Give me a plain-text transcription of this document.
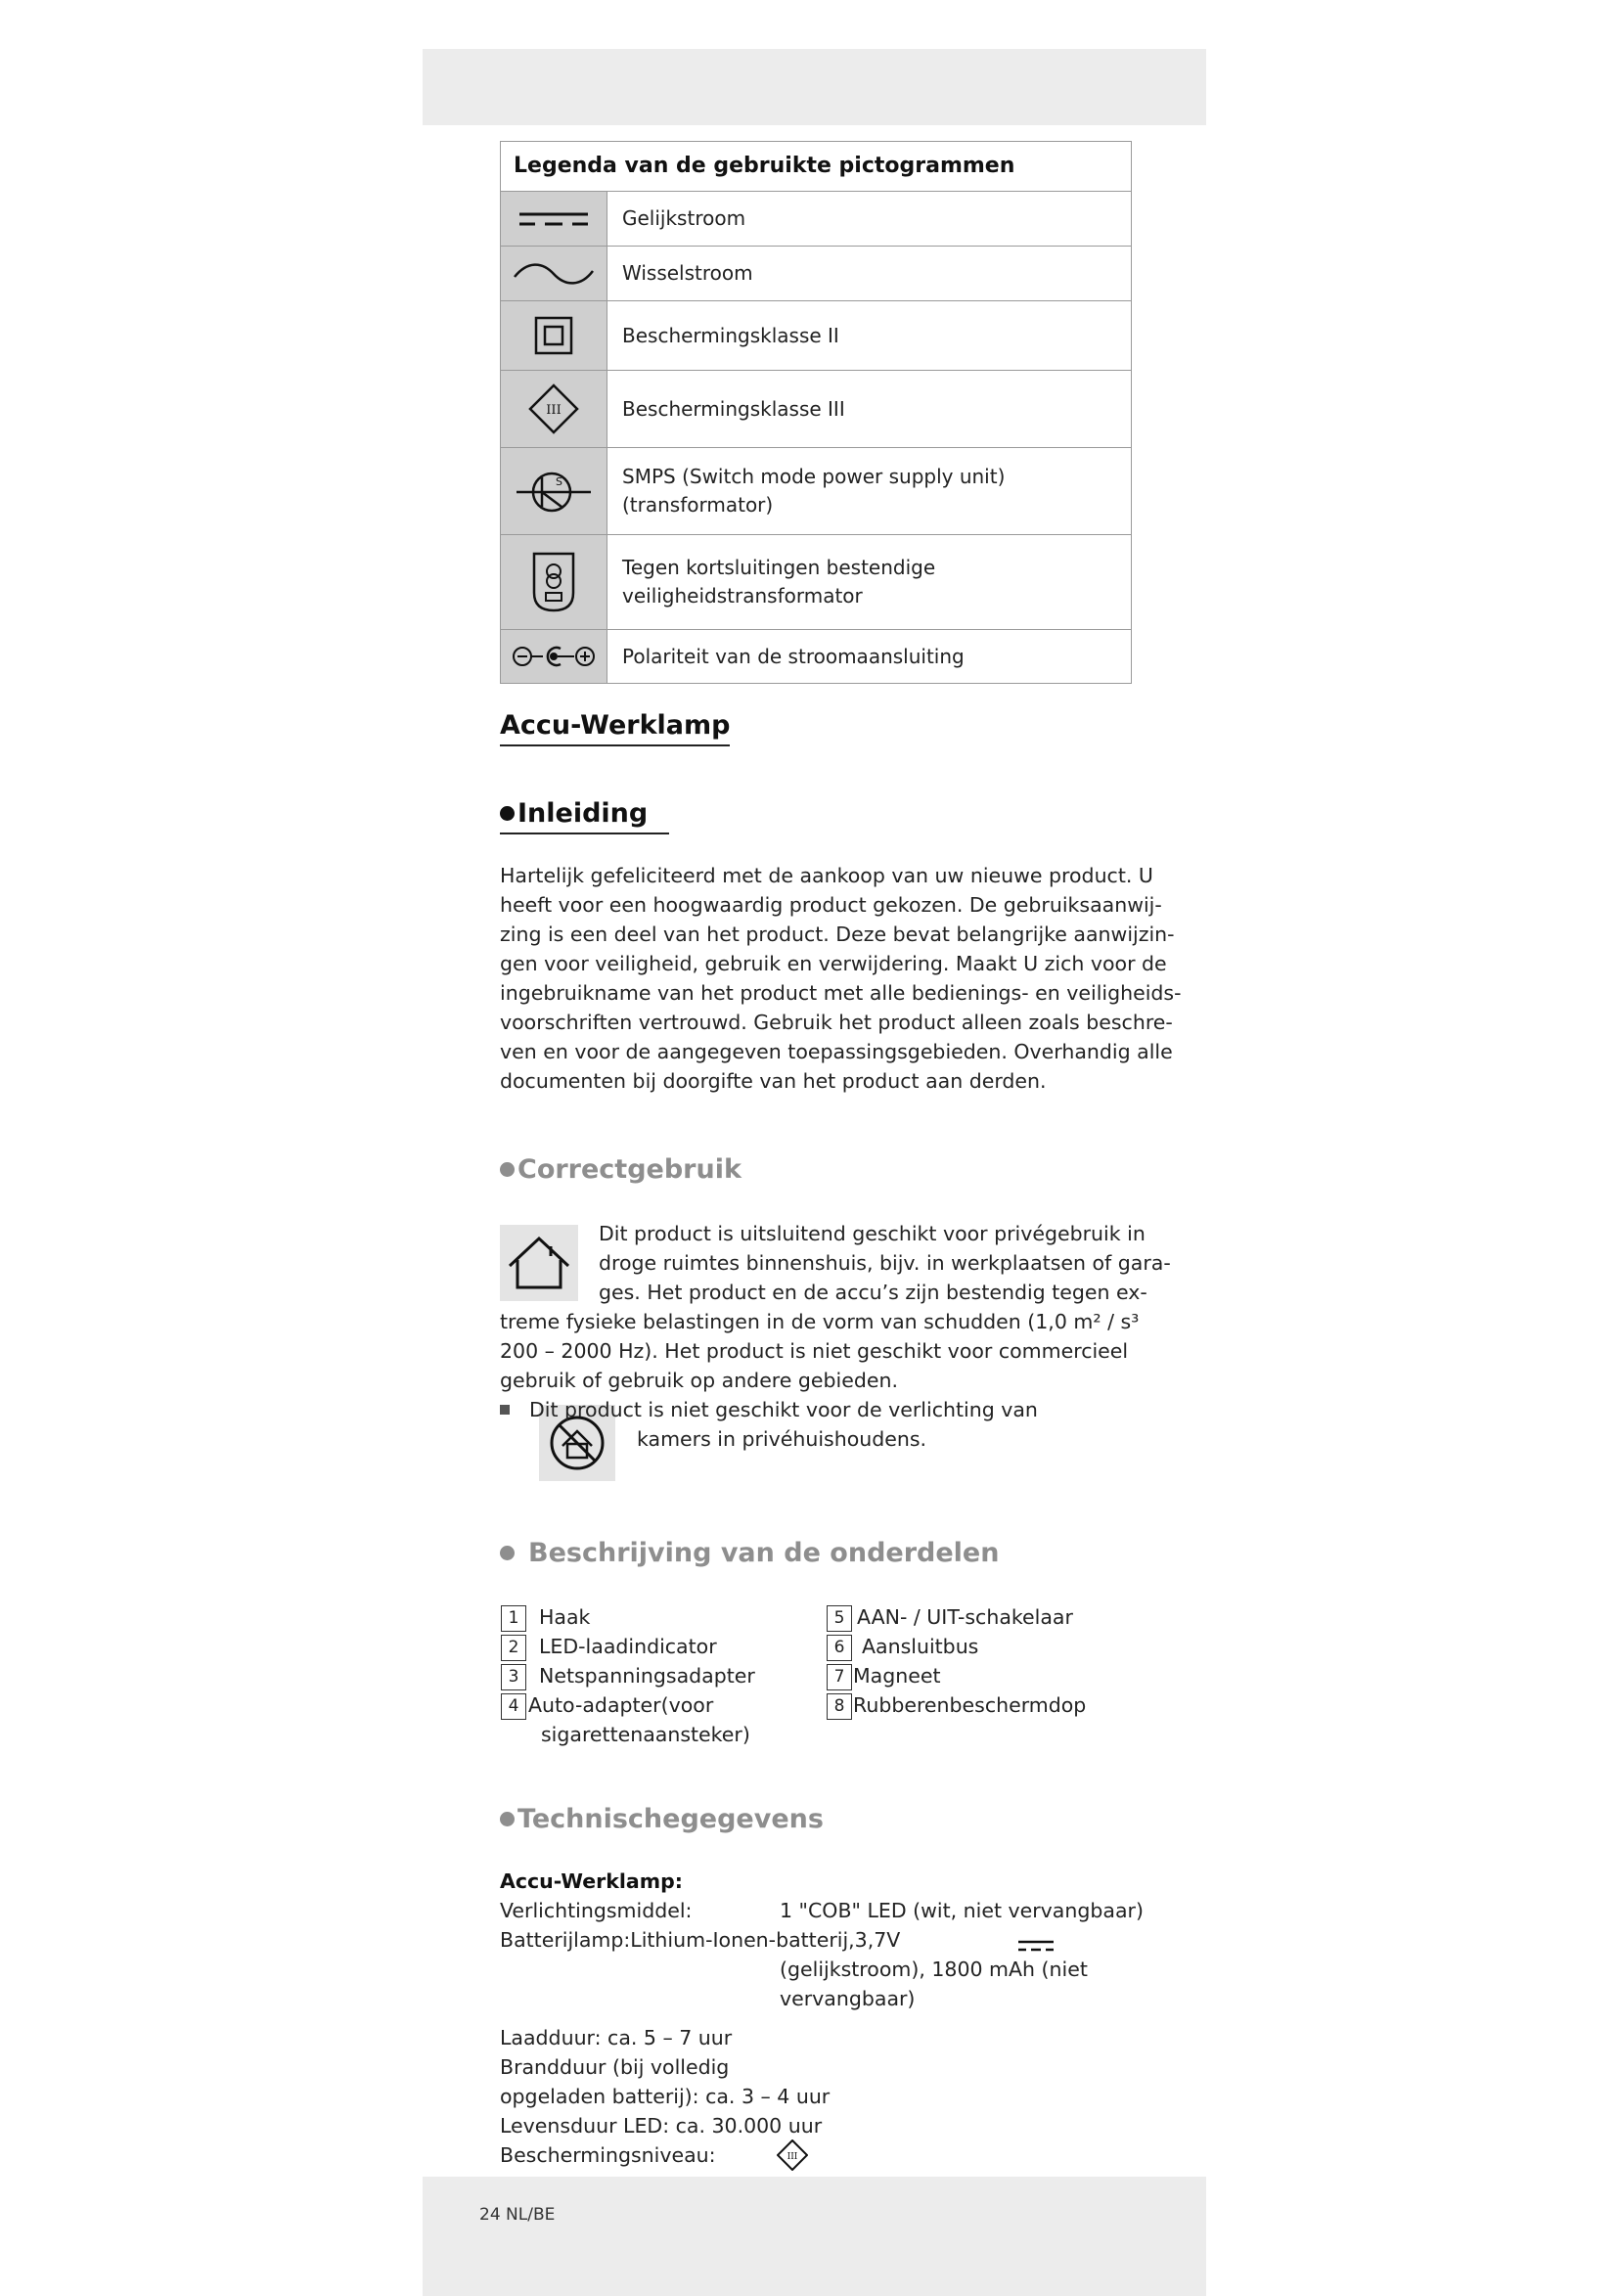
Legenda van de gebruikte pictogrammen
Gelijkstroom
Wisselstroom
Beschermingsklasse II
III	Beschermingsklasse III
S	SMPS (Switch mode power supply unit)
(transformator)
Tegen kortsluitingen bestendige
veiligheidstransformator
Polariteit van de stroomaansluiting
Accu-Werklamp
Inleiding
Hartelijk gefeliciteerd met de aankoop van uw nieuwe product. U
heeft voor een hoogwaardig product gekozen. De gebruiksaanwij-
zing is een deel van het product. Deze bevat belangrijke aanwijzin-
gen voor veiligheid, gebruik en verwijdering. Maakt U zich voor de
ingebruikname van het product met alle bedienings- en veiligheids-
voorschriften vertrouwd. Gebruik het product alleen zoals beschre-
ven en voor de aangegeven toepassingsgebieden. Overhandig alle
documenten bij doorgifte van het product aan derden.
Correctgebruik
Dit product is uitsluitend geschikt voor privégebruik in
droge ruimtes binnenshuis, bijv. in werkplaatsen of gara-
ges. Het product en de accu’s zijn bestendig tegen ex-
treme fysieke belastingen in de vorm van schudden (1,0 m² / s³
200 – 2000 Hz). Het product is niet geschikt voor commercieel
gebruik of gebruik op andere gebieden.
Dit product is niet geschikt voor de verlichting van
kamers in privéhuishoudens.
Beschrijving van de onderdelen
1	Haak
2	LED-laadindicator
3	Netspanningsadapter
4 Auto-adapter(voor
sigarettenaansteker)
5 AAN- / UIT-schakelaar
6 Aansluitbus
7 Magneet
8 Rubberenbeschermdop
Technischegegevens
Accu-Werklamp:
Verlichtingsmiddel:	1 "COB" LED (wit, niet vervangbaar)
Batterijlamp:Lithium-Ionen-batterij,3,7V
(gelijkstroom), 1800 mAh (niet
vervangbaar)
Laadduur: ca. 5 – 7 uur
Brandduur (bij volledig
opgeladen batterij): ca. 3 – 4 uur
Levensduur LED: ca. 30.000 uur
Beschermingsniveau:	III
24 NL/BE
